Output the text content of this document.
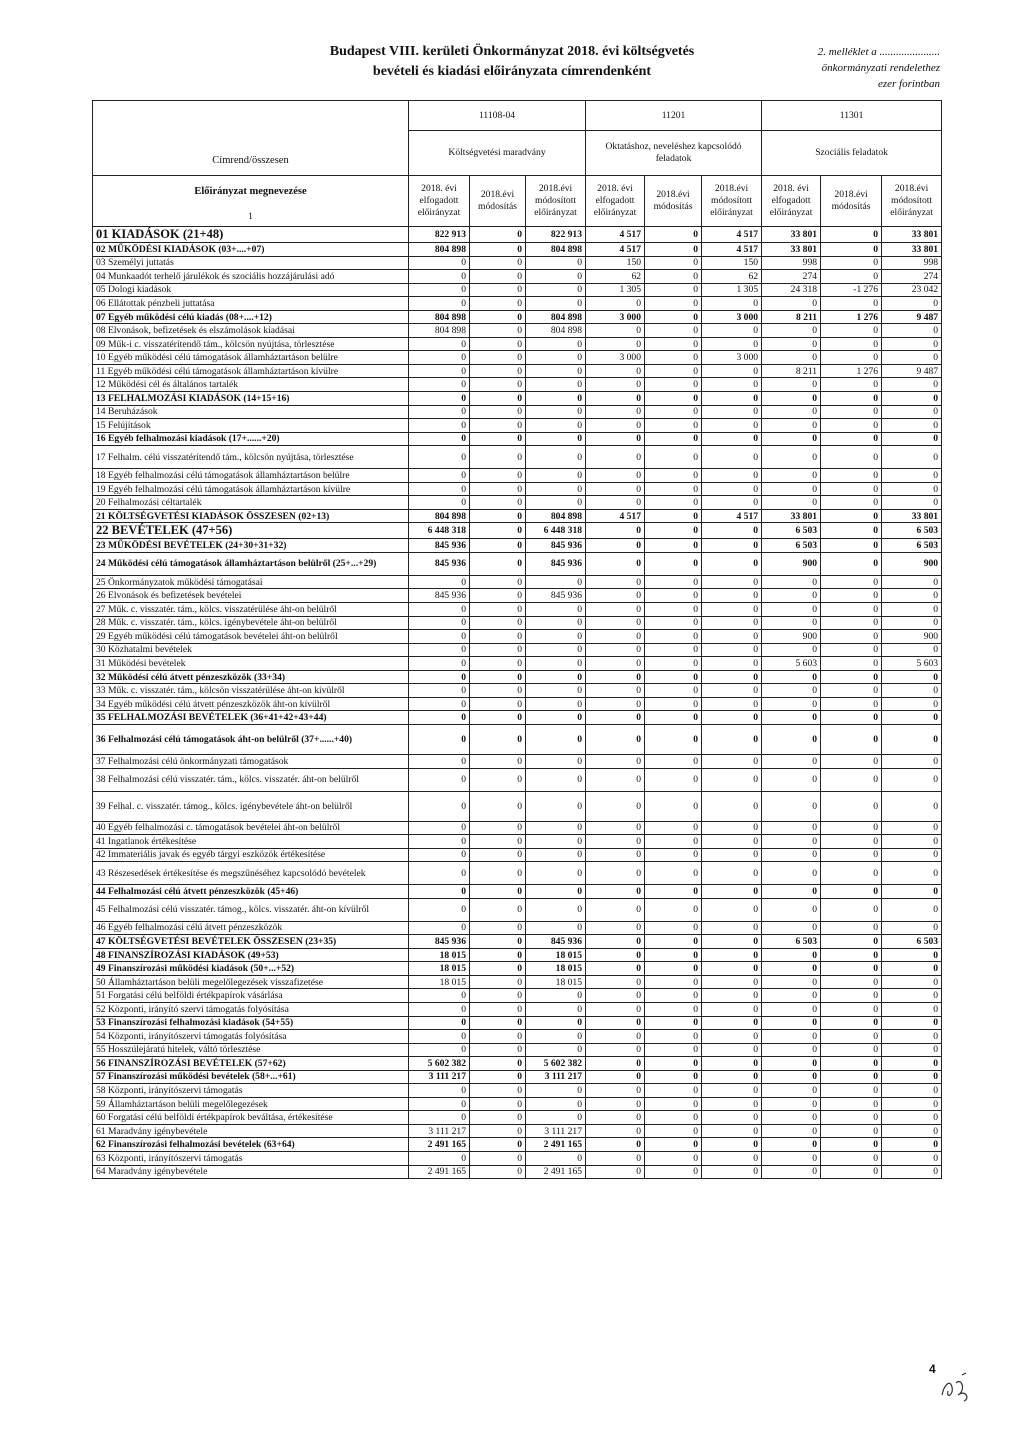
Budapest VIII. kerületi Önkormányzat 2018. évi költségvetés
bevételi és kiadási előirányzata címrendenként
2. melléklet a ......................
önkormányzati rendelethez
ezer forintban
Címrend/összesen	11108-04			11201			11301		
	Költségvetési maradvány			Oktatáshoz, neveléshez kapcsolódó feladatok			Szociális feladatok		

Előirányzat megnevezése
1	2018. évi elfogadott előirányzat	2018.évi módosítás	2018.évi módosított előirányzat	2018. évi elfogadott előirányzat	2018.évi módosítás	2018.évi módosított előirányzat	2018. évi elfogadott előirányzat	2018.évi módosítás	2018.évi módosított előirányzat
01 KIADÁSOK (21+48)	822 913	0	822 913	4 517	0	4 517	33 801	0	33 801
02 MŰKÖDÉSI KIADÁSOK (03+....+07)	804 898	0	804 898	4 517	0	4 517	33 801	0	33 801
03 Személyi juttatás	0	0	0	150	0	150	998	0	998
04 Munkaadót terhelő járulékok és szociális hozzájárulási adó	0	0	0	62	0	62	274	0	274
05 Dologi kiadások	0	0	0	1 305	0	1 305	24 318	-1 276	23 042
06 Ellátottak pénzbeli juttatása	0	0	0	0	0	0	0	0	0
07 Egyéb működési célú kiadás (08+....+12)	804 898	0	804 898	3 000	0	3 000	8 211	1 276	9 487
08 Elvonások, befizetések és elszámolások kiadásai	804 898	0	804 898	0	0	0	0	0	0
09 Műk-i c. visszatérítendő tám., kölcsön nyújtása, törlesztése	0	0	0	0	0	0	0	0	0
10 Egyéb működési célú támogatások államháztartáson belülre	0	0	0	3 000	0	3 000	0	0	0
11 Egyéb működési célú támogatások államháztartáson kívülre	0	0	0	0	0	0	8 211	1 276	9 487
12 Működési cél és általános tartalék	0	0	0	0	0	0	0	0	0
13 FELHALMOZÁSI KIADÁSOK (14+15+16)	0	0	0	0	0	0	0	0	0
14 Beruházások	0	0	0	0	0	0	0	0	0
15 Felújítások	0	0	0	0	0	0	0	0	0
16 Egyéb felhalmozási kiadások (17+......+20)	0	0	0	0	0	0	0	0	0
17 Felhalm. célú visszatérítendő tám., kölcsön nyújtása, törlesztése	0	0	0	0	0	0	0	0	0
18 Egyéb felhalmozási célú támogatások államháztartáson belülre	0	0	0	0	0	0	0	0	0
19 Egyéb felhalmozási célú támogatások államháztartáson kívülre	0	0	0	0	0	0	0	0	0
20 Felhalmozási céltartalék	0	0	0	0	0	0	0	0	0
21 KÖLTSÉGVETÉSI KIADÁSOK ÖSSZESEN (02+13)	804 898	0	804 898	4 517	0	4 517	33 801	0	33 801
22 BEVÉTELEK (47+56)	6 448 318	0	6 448 318	0	0	0	6 503	0	6 503
23 MŰKÖDÉSI BEVÉTELEK (24+30+31+32)	845 936	0	845 936	0	0	0	6 503	0	6 503
24 Működési célú támogatások államháztartáson belülről (25+...+29)	845 936	0	845 936	0	0	0	900	0	900
25 Önkormányzatok működési támogatásai	0	0	0	0	0	0	0	0	0
26 Elvonások és befizetések bevételei	845 936	0	845 936	0	0	0	0	0	0
27 Műk. c. visszatér. tám., kölcs. visszatérülése áht-on belülről	0	0	0	0	0	0	0	0	0
28 Műk. c. visszatér. tám., kölcs. igénybevétele áht-on belülről	0	0	0	0	0	0	0	0	0
29 Egyéb működési célú támogatások bevételei áht-on belülről	0	0	0	0	0	0	900	0	900
30 Közhatalmi bevételek	0	0	0	0	0	0	0	0	0
31 Működési bevételek	0	0	0	0	0	0	5 603	0	5 603
32 Működési célú átvett pénzeszközök (33+34)	0	0	0	0	0	0	0	0	0
33 Műk. c. visszatér. tám., kölcsön visszatérülése áht-on kívülről	0	0	0	0	0	0	0	0	0
34 Egyéb működési célú átvett pénzeszközök áht-on kívülről	0	0	0	0	0	0	0	0	0
35 FELHALMOZÁSI BEVÉTELEK (36+41+42+43+44)	0	0	0	0	0	0	0	0	0
36 Felhalmozási célú támogatások áht-on belülről (37+......+40)	0	0	0	0	0	0	0	0	0
37 Felhalmozási célú önkormányzati támogatások	0	0	0	0	0	0	0	0	0
38 Felhalmozási célú visszatér. tám., kölcs. visszatér. áht-on belülről	0	0	0	0	0	0	0	0	0
39 Felhal. c. visszatér. támog., kölcs. igénybevétele áht-on belülről	0	0	0	0	0	0	0	0	0
40 Egyéb felhalmozási c. támogatások bevételei áht-on belülről	0	0	0	0	0	0	0	0	0
41 Ingatlanok értékesítése	0	0	0	0	0	0	0	0	0
42 Immateriális javak és egyéb tárgyi eszközök értékesítése	0	0	0	0	0	0	0	0	0
43 Részesedések értékesítése és megszűnéséhez kapcsolódó bevételek	0	0	0	0	0	0	0	0	0
44 Felhalmozási célú átvett pénzeszközök (45+46)	0	0	0	0	0	0	0	0	0
45 Felhalmozási célú visszatér. támog., kölcs. visszatér. áht-on kívülről	0	0	0	0	0	0	0	0	0
46 Egyéb felhalmozási célú átvett pénzeszközök	0	0	0	0	0	0	0	0	0
47 KÖLTSÉGVETÉSI BEVÉTELEK ÖSSZESEN (23+35)	845 936	0	845 936	0	0	0	6 503	0	6 503
48 FINANSZÍROZÁSI KIADÁSOK (49+53)	18 015	0	18 015	0	0	0	0	0	0
49 Finanszírozási működési kiadások (50+...+52)	18 015	0	18 015	0	0	0	0	0	0
50 Államháztartáson belüli megelőlegezések visszafizetése	18 015	0	18 015	0	0	0	0	0	0
51 Forgatási célú belföldi értékpapírok vásárlása	0	0	0	0	0	0	0	0	0
52 Központi, irányító szervi támogatás folyósítása	0	0	0	0	0	0	0	0	0
53 Finanszírozási felhalmozási kiadások (54+55)	0	0	0	0	0	0	0	0	0
54 Központi, irányítószervi támogatás folyósítása	0	0	0	0	0	0	0	0	0
55 Hosszúlejáratú hitelek, váltó törlesztése	0	0	0	0	0	0	0	0	0
56 FINANSZÍROZÁSI BEVÉTELEK (57+62)	5 602 382	0	5 602 382	0	0	0	0	0	0
57 Finanszírozási működési bevételek (58+...+61)	3 111 217	0	3 111 217	0	0	0	0	0	0
58 Központi, irányítószervi támogatás	0	0	0	0	0	0	0	0	0
59 Államháztartáson belüli megelőlegezések	0	0	0	0	0	0	0	0	0
60 Forgatási célú belföldi értékpapírok beváltása, értékesítése	0	0	0	0	0	0	0	0	0
61 Maradvány igénybevétele	3 111 217	0	3 111 217	0	0	0	0	0	0
62 Finanszírozási felhalmozási bevételek (63+64)	2 491 165	0	2 491 165	0	0	0	0	0	0
63 Központi, irányítószervi támogatás	0	0	0	0	0	0	0	0	0
64 Maradvány igénybevétele	2 491 165	0	2 491 165	0	0	0	0	0	0
4
